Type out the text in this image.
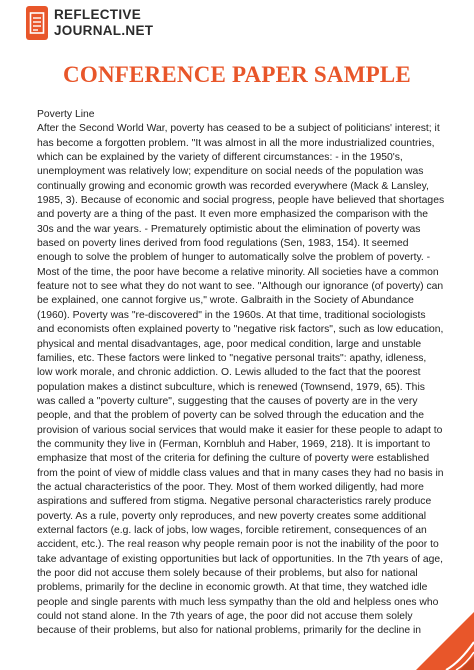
REFLECTIVE
JOURNAL.NET
CONFERENCE PAPER SAMPLE
Poverty Line
After the Second World War, poverty has ceased to be a subject of politicians' interest; it
has become a forgotten problem. "It was almost in all the more industrialized countries,
which can be explained by the variety of different circumstances: - in the 1950's,
unemployment was relatively low; expenditure on social needs of the population was
continually growing and economic growth was recorded everywhere (Mack & Lansley,
1985, 3). Because of economic and social progress, people have believed that shortages
and poverty are a thing of the past. It even more emphasized the comparison with the
30s and the war years. - Prematurely optimistic about the elimination of poverty was
based on poverty lines derived from food regulations (Sen, 1983, 154). It seemed
enough to solve the problem of hunger to automatically solve the problem of poverty. -
Most of the time, the poor have become a relative minority. All societies have a common
feature not to see what they do not want to see. "Although our ignorance (of poverty) can
be explained, one cannot forgive us," wrote. Galbraith in the Society of Abundance
(1960). Poverty was "re-discovered" in the 1960s. At that time, traditional sociologists
and economists often explained poverty to "negative risk factors", such as low education,
physical and mental disadvantages, age, poor medical condition, large and unstable
families, etc. These factors were linked to "negative personal traits": apathy, idleness,
low work morale, and chronic addiction. O. Lewis alluded to the fact that the poorest
population makes a distinct subculture, which is renewed (Townsend, 1979, 65). This
was called a "poverty culture", suggesting that the causes of poverty are in the very
people, and that the problem of poverty can be solved through the education and the
provision of various social services that would make it easier for these people to adapt to
the community they live in (Ferman, Kornbluh and Haber, 1969, 218). It is important to
emphasize that most of the criteria for defining the culture of poverty were established
from the point of view of middle class values and that in many cases they had no basis in
the actual characteristics of the poor. They. Most of them worked diligently, had more
aspirations and suffered from stigma. Negative personal characteristics rarely produce
poverty. As a rule, poverty only reproduces, and new poverty creates some additional
external factors (e.g. lack of jobs, low wages, forcible retirement, consequences of an
accident, etc.). The real reason why people remain poor is not the inability of the poor to
take advantage of existing opportunities but lack of opportunities. In the 7th years of age,
the poor did not accuse them solely because of their problems, but also for national
problems, primarily for the decline in economic growth. At that time, they watched idle
people and single parents with much less sympathy than the old and helpless ones who
could not stand alone. In the 7th years of age, the poor did not accuse them solely
because of their problems, but also for national problems, primarily for the decline in
